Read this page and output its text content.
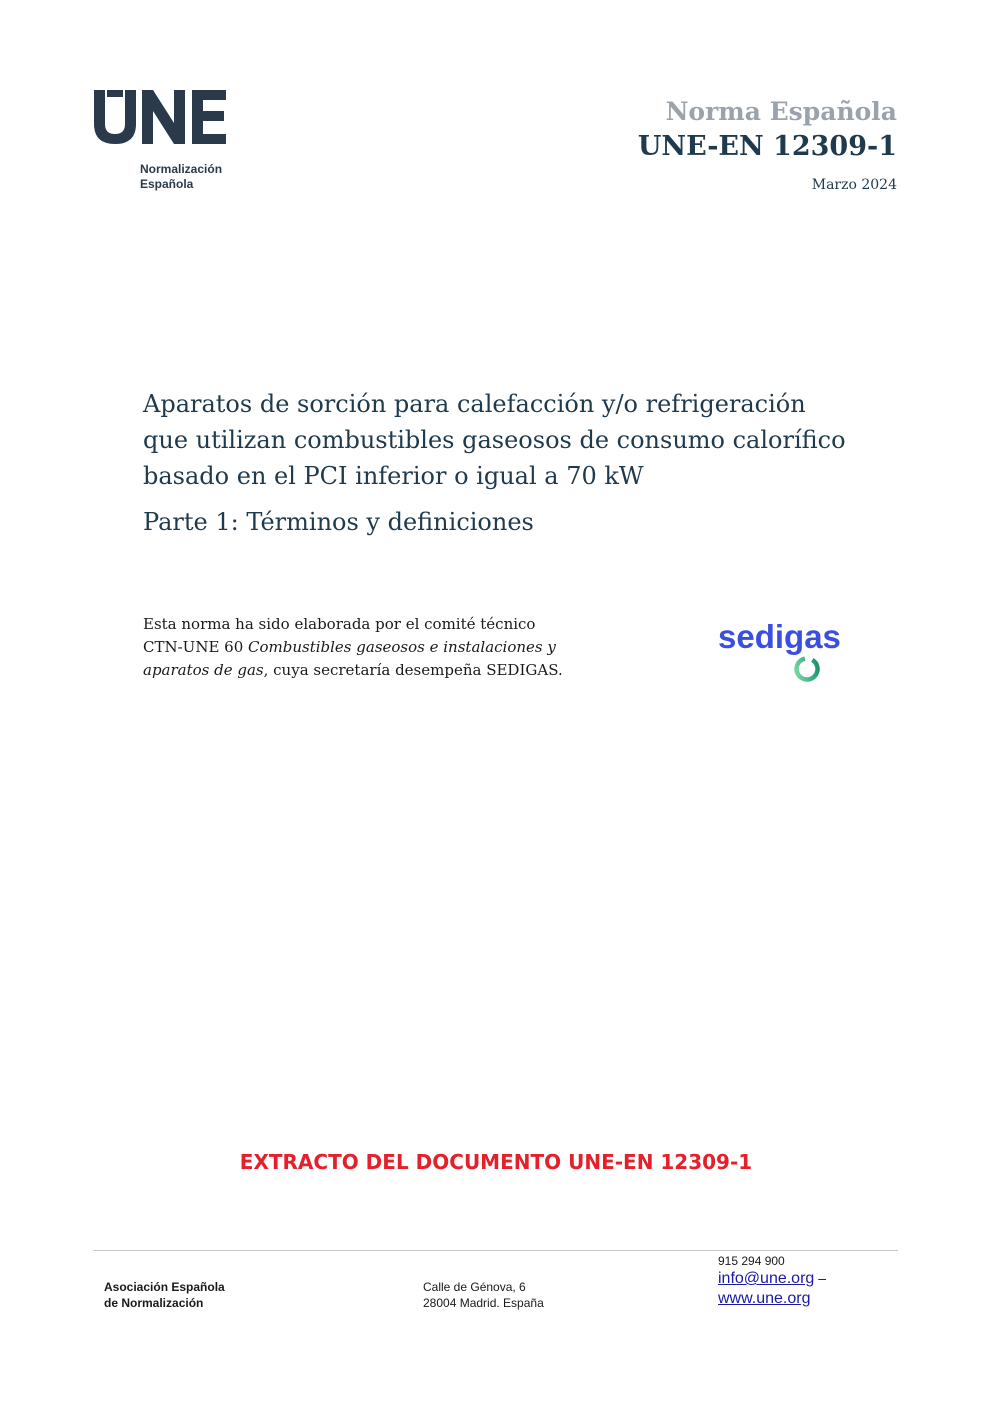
Normalización
Española
Norma Española
UNE-EN 12309-1
Marzo 2024
Aparatos de sorción para calefacción y/o refrigeración
que utilizan combustibles gaseosos de consumo calorífico
basado en el PCI inferior o igual a 70 kW
Parte 1: Términos y definiciones
Esta norma ha sido elaborada por el comité técnico
CTN-UNE 60 Combustibles gaseosos e instalaciones y
aparatos de gas, cuya secretaría desempeña SEDIGAS.
sedigas
EXTRACTO DEL DOCUMENTO UNE-EN 12309-1
Asociación Española
de Normalización
Calle de Génova, 6
28004 Madrid. España
915 294 900
info@une.org –
www.une.org
